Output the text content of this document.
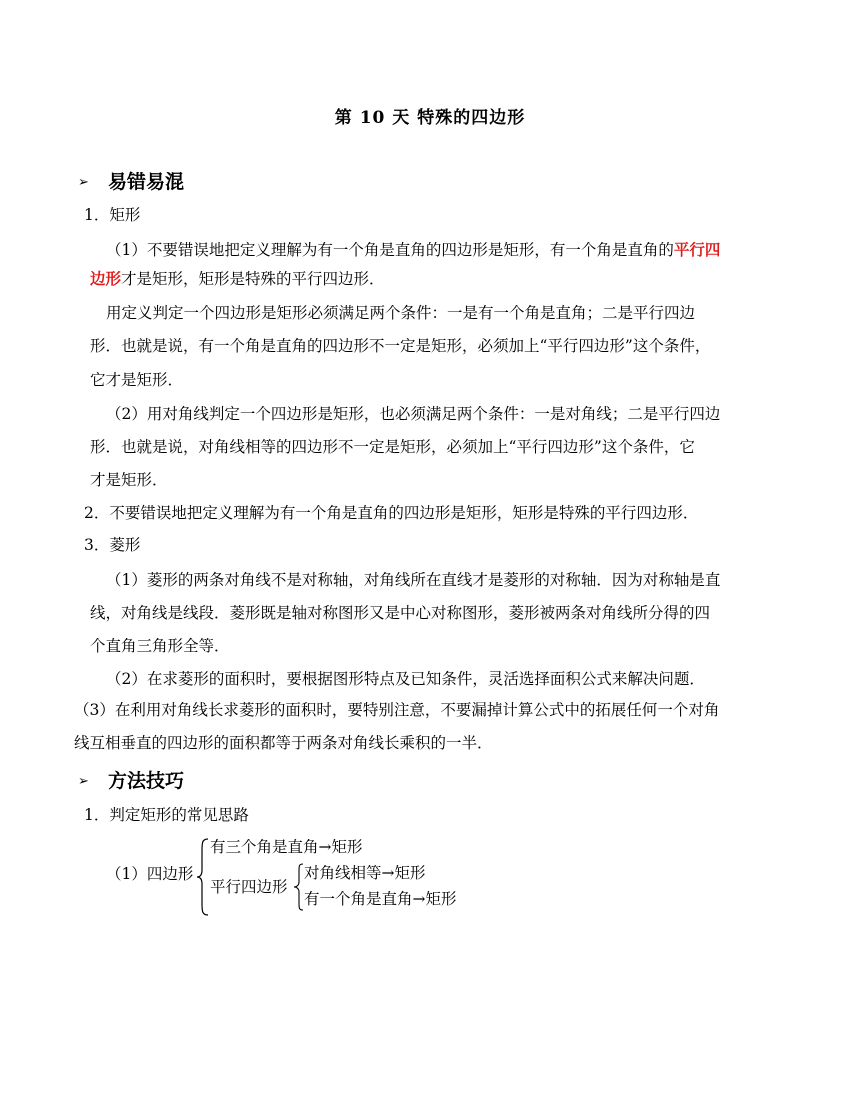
第 10 天 特殊的四边形
➢ 易错易混
1．矩形
（1）不要错误地把定义理解为有一个角是直角的四边形是矩形，有一个角是直角的平行四
边形才是矩形，矩形是特殊的平行四边形．
用定义判定一个四边形是矩形必须满足两个条件：一是有一个角是直角；二是平行四边
形．也就是说，有一个角是直角的四边形不一定是矩形，必须加上“平行四边形”这个条件，
它才是矩形．
（2）用对角线判定一个四边形是矩形，也必须满足两个条件：一是对角线；二是平行四边
形．也就是说，对角线相等的四边形不一定是矩形，必须加上“平行四边形”这个条件，它
才是矩形．
2．不要错误地把定义理解为有一个角是直角的四边形是矩形，矩形是特殊的平行四边形．
3．菱形
（1）菱形的两条对角线不是对称轴，对角线所在直线才是菱形的对称轴．因为对称轴是直
线，对角线是线段．菱形既是轴对称图形又是中心对称图形，菱形被两条对角线所分得的四
个直角三角形全等．
（2）在求菱形的面积时，要根据图形特点及已知条件，灵活选择面积公式来解决问题．
（3）在利用对角线长求菱形的面积时，要特别注意，不要漏掉计算公式中的拓展任何一个对角
线互相垂直的四边形的面积都等于两条对角线长乘积的一半．
➢ 方法技巧
1．判定矩形的常见思路
（1）四边形
有三个角是直角→矩形
平行四边形
对角线相等→矩形
有一个角是直角→矩形
